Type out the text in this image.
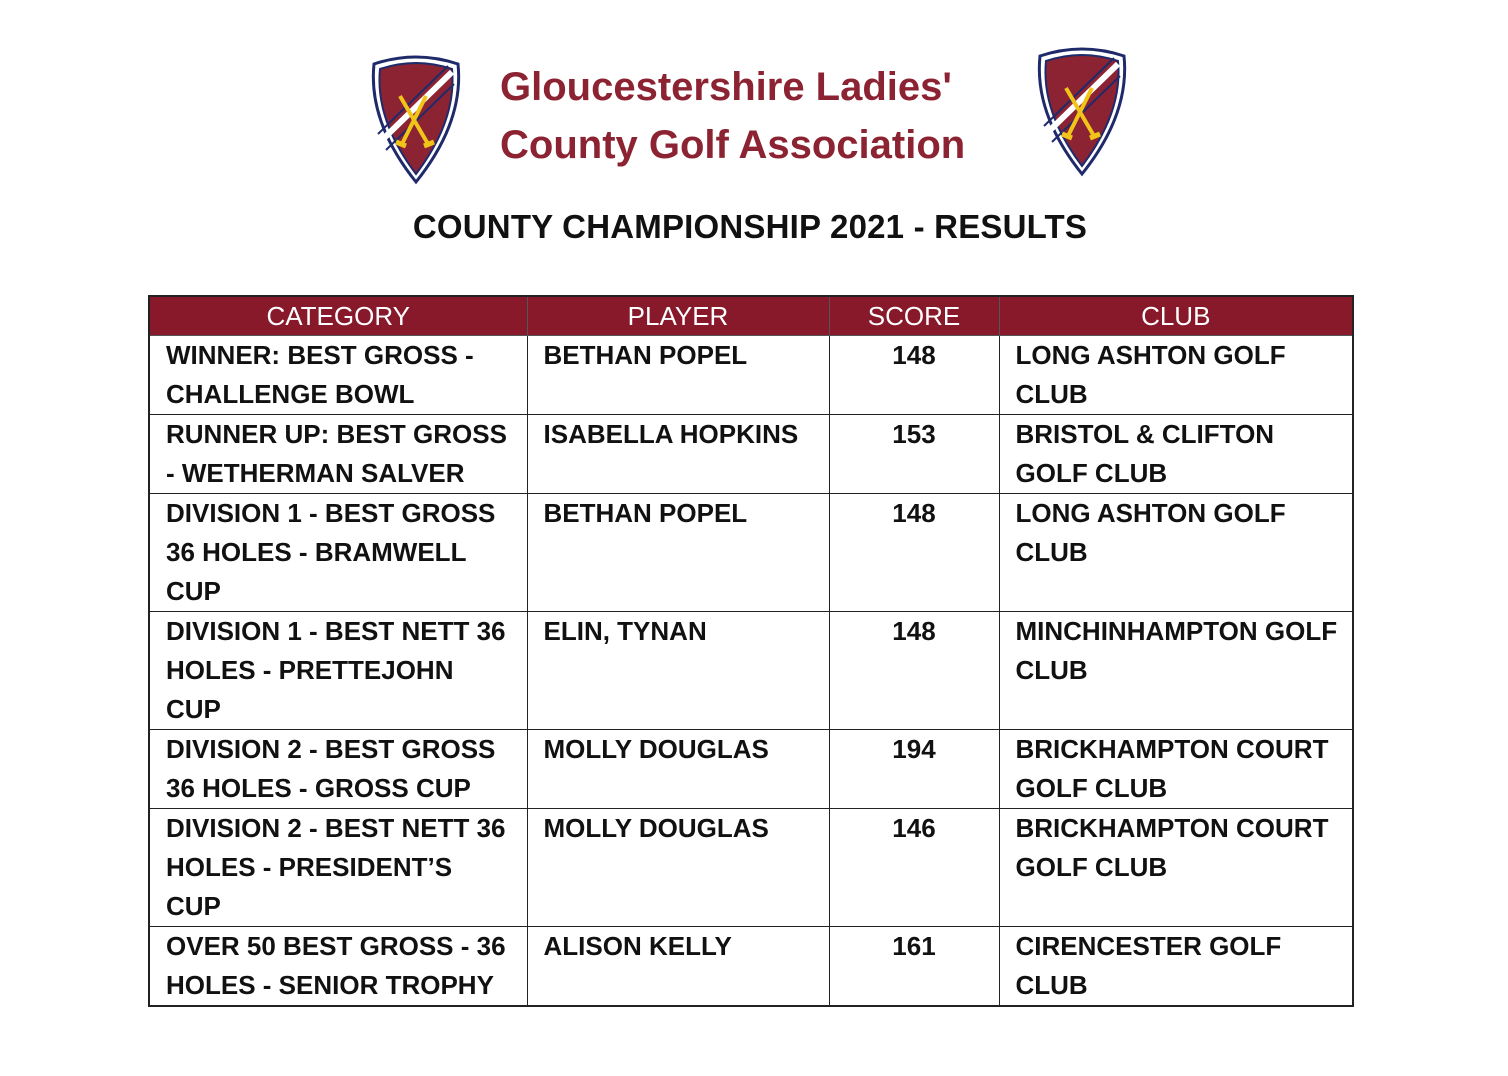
Gloucestershire Ladies'
County Golf Association
COUNTY CHAMPIONSHIP 2021 - RESULTS
CATEGORY	PLAYER	SCORE	CLUB
WINNER: BEST GROSS - CHALLENGE BOWL	BETHAN POPEL	148	LONG ASHTON GOLF CLUB
RUNNER UP: BEST GROSS - WETHERMAN SALVER	ISABELLA HOPKINS	153	BRISTOL & CLIFTON GOLF CLUB
DIVISION 1 - BEST GROSS 36 HOLES - BRAMWELL CUP	BETHAN POPEL	148	LONG ASHTON GOLF CLUB
DIVISION 1 - BEST NETT 36 HOLES - PRETTEJOHN CUP	ELIN, TYNAN	148	MINCHINHAMPTON GOLF CLUB
DIVISION 2 - BEST GROSS 36 HOLES - GROSS CUP	MOLLY DOUGLAS	194	BRICKHAMPTON COURT GOLF CLUB
DIVISION 2 - BEST NETT 36 HOLES - PRESIDENT’S CUP	MOLLY DOUGLAS	146	BRICKHAMPTON COURT GOLF CLUB
OVER 50 BEST GROSS - 36 HOLES - SENIOR TROPHY	ALISON KELLY	161	CIRENCESTER GOLF CLUB
